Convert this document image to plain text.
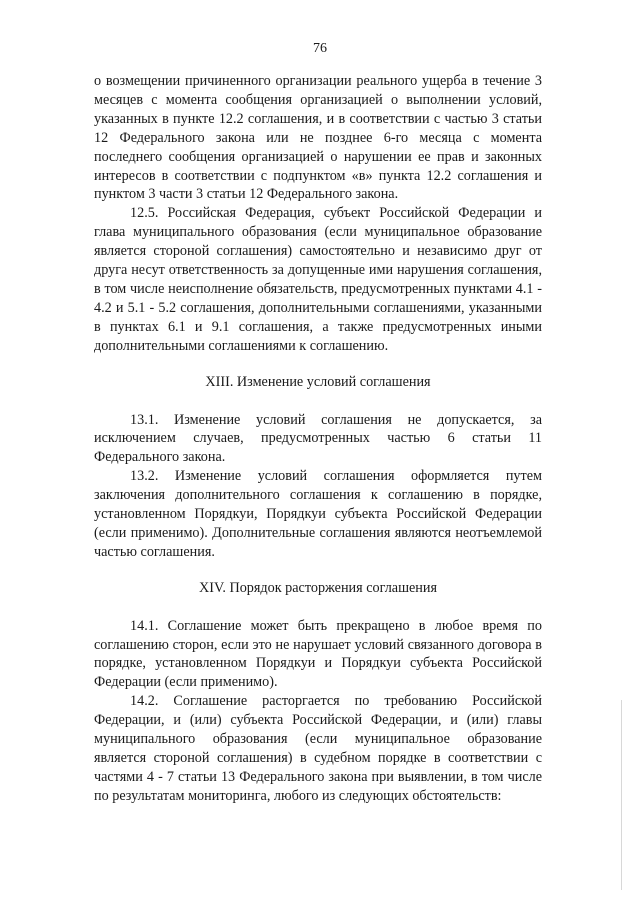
76

о возмещении причиненного организации реального ущерба в течение 3 месяцев с момента сообщения организацией о выполнении условий, указанных в пункте 12.2 соглашения, и в соответствии с частью 3 статьи 12 Федерального закона или не позднее 6-го месяца с момента последнего сообщения организацией о нарушении ее прав и законных интересов в соответствии с подпунктом «в» пункта 12.2 соглашения и пунктом 3 части 3 статьи 12 Федерального закона.

12.5. Российская Федерация, субъект Российской Федерации и глава муниципального образования (если муниципальное образование является стороной соглашения) самостоятельно и независимо друг от друга несут ответственность за допущенные ими нарушения соглашения, в том числе неисполнение обязательств, предусмотренных пунктами 4.1 - 4.2 и 5.1 - 5.2 соглашения, дополнительными соглашениями, указанными в пунктах 6.1 и 9.1 соглашения, а также предусмотренных иными дополнительными соглашениями к соглашению.

XIII. Изменение условий соглашения

13.1. Изменение условий соглашения не допускается, за исключением случаев, предусмотренных частью 6 статьи 11 Федерального закона.

13.2. Изменение условий соглашения оформляется путем заключения дополнительного соглашения к соглашению в порядке, установленном Порядкуи, Порядкуи субъекта Российской Федерации (если применимо). Дополнительные соглашения являются неотъемлемой частью соглашения.

XIV. Порядок расторжения соглашения

14.1. Соглашение может быть прекращено в любое время по соглашению сторон, если это не нарушает условий связанного договора в порядке, установленном Порядкуи и Порядкуи субъекта Российской Федерации (если применимо).

14.2. Соглашение расторгается по требованию Российской Федерации, и (или) субъекта Российской Федерации, и (или) главы муниципального образования (если муниципальное образование является стороной соглашения) в судебном порядке в соответствии с частями 4 - 7 статьи 13 Федерального закона при выявлении, в том числе по результатам мониторинга, любого из следующих обстоятельств:
